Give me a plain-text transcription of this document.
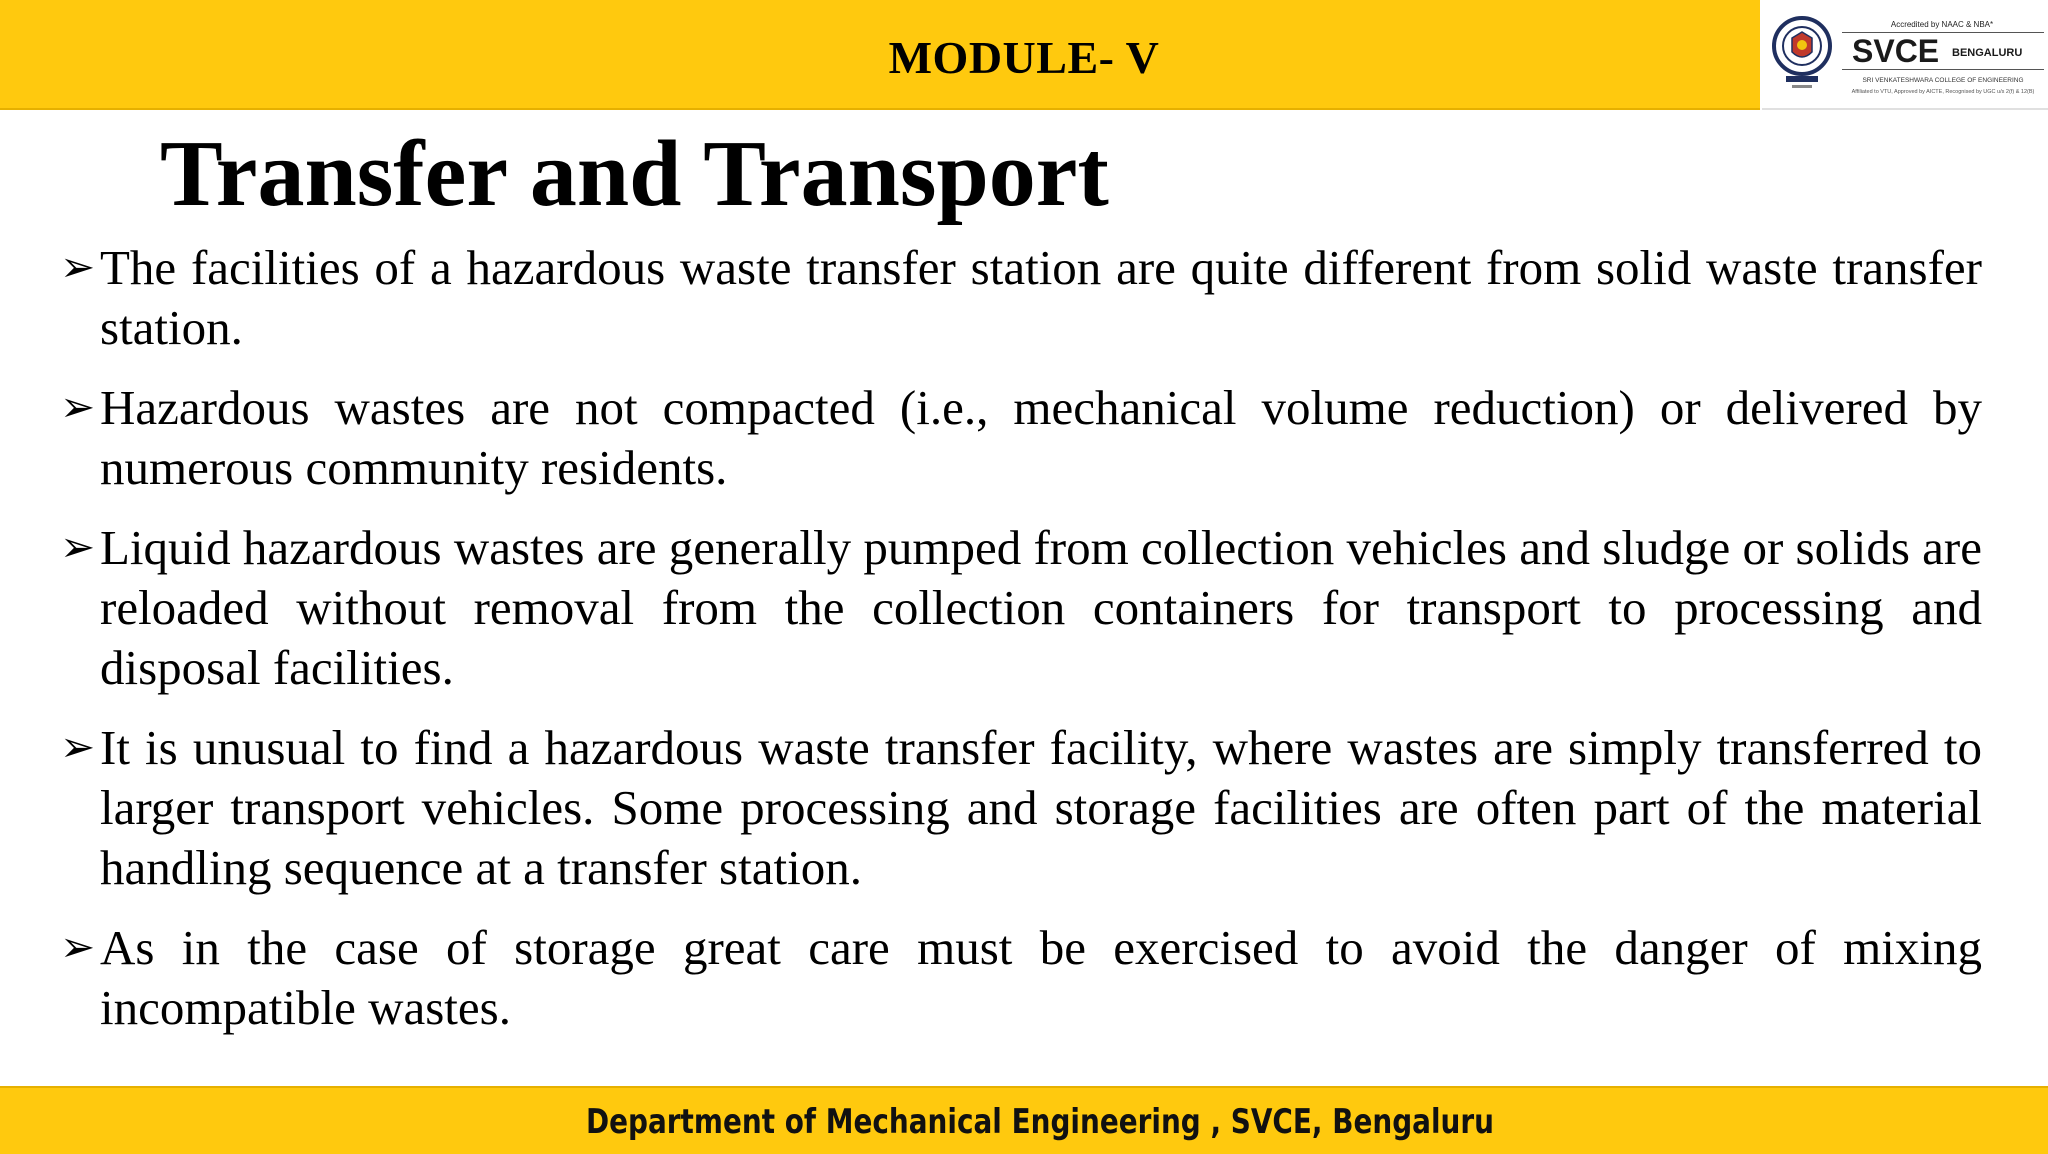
MODULE- V
Accredited by NAAC & NBA*
SVCE BENGALURU
SRI VENKATESHWARA COLLEGE OF ENGINEERING
Affiliated to VTU, Approved by AICTE, Recognised by UGC u/s 2(f) & 12(B)
Transfer and Transport
➢ The facilities of a hazardous waste transfer station are quite different from solid waste transfer station.
➢ Hazardous wastes are not compacted (i.e., mechanical volume reduction) or delivered by numerous community residents.
➢ Liquid hazardous wastes are generally pumped from collection vehicles and sludge or solids are reloaded without removal from the collection containers for transport to processing and disposal facilities.
➢ It is unusual to find a hazardous waste transfer facility, where wastes are simply transferred to larger transport vehicles. Some processing and storage facilities are often part of the material handling sequence at a transfer station.
➢ As in the case of storage great care must be exercised to avoid the danger of mixing incompatible wastes.
Department of Mechanical Engineering , SVCE, Bengaluru
